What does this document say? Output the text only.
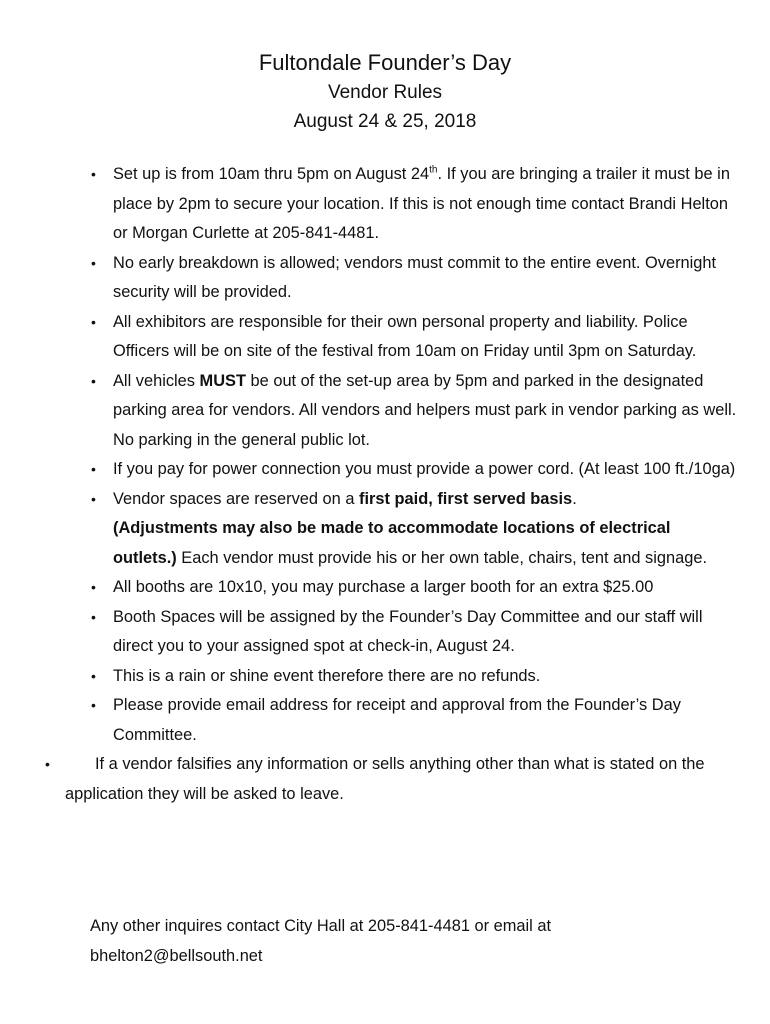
Fultondale Founder’s Day
Vendor Rules
August 24 & 25, 2018
• Set up is from 10am thru 5pm on August 24th. If you are bringing a trailer it must be in place by 2pm to secure your location. If this is not enough time contact Brandi Helton or Morgan Curlette at 205-841-4481.
• No early breakdown is allowed; vendors must commit to the entire event. Overnight security will be provided.
• All exhibitors are responsible for their own personal property and liability. Police Officers will be on site of the festival from 10am on Friday until 3pm on Saturday.
• All vehicles MUST be out of the set-up area by 5pm and parked in the designated parking area for vendors. All vendors and helpers must park in vendor parking as well. No parking in the general public lot.
• If you pay for power connection you must provide a power cord. (At least 100 ft./10ga)
• Vendor spaces are reserved on a first paid, first served basis.
(Adjustments may also be made to accommodate locations of electrical outlets.) Each vendor must provide his or her own table, chairs, tent and signage.
• All booths are 10x10, you may purchase a larger booth for an extra $25.00
• Booth Spaces will be assigned by the Founder’s Day Committee and our staff will direct you to your assigned spot at check-in, August 24.
• This is a rain or shine event therefore there are no refunds.
• Please provide email address for receipt and approval from the Founder’s Day Committee.
•	If a vendor falsifies any information or sells anything other than what is stated on the application they will be asked to leave.
Any other inquires contact City Hall at 205-841-4481 or email at bhelton2@bellsouth.net
